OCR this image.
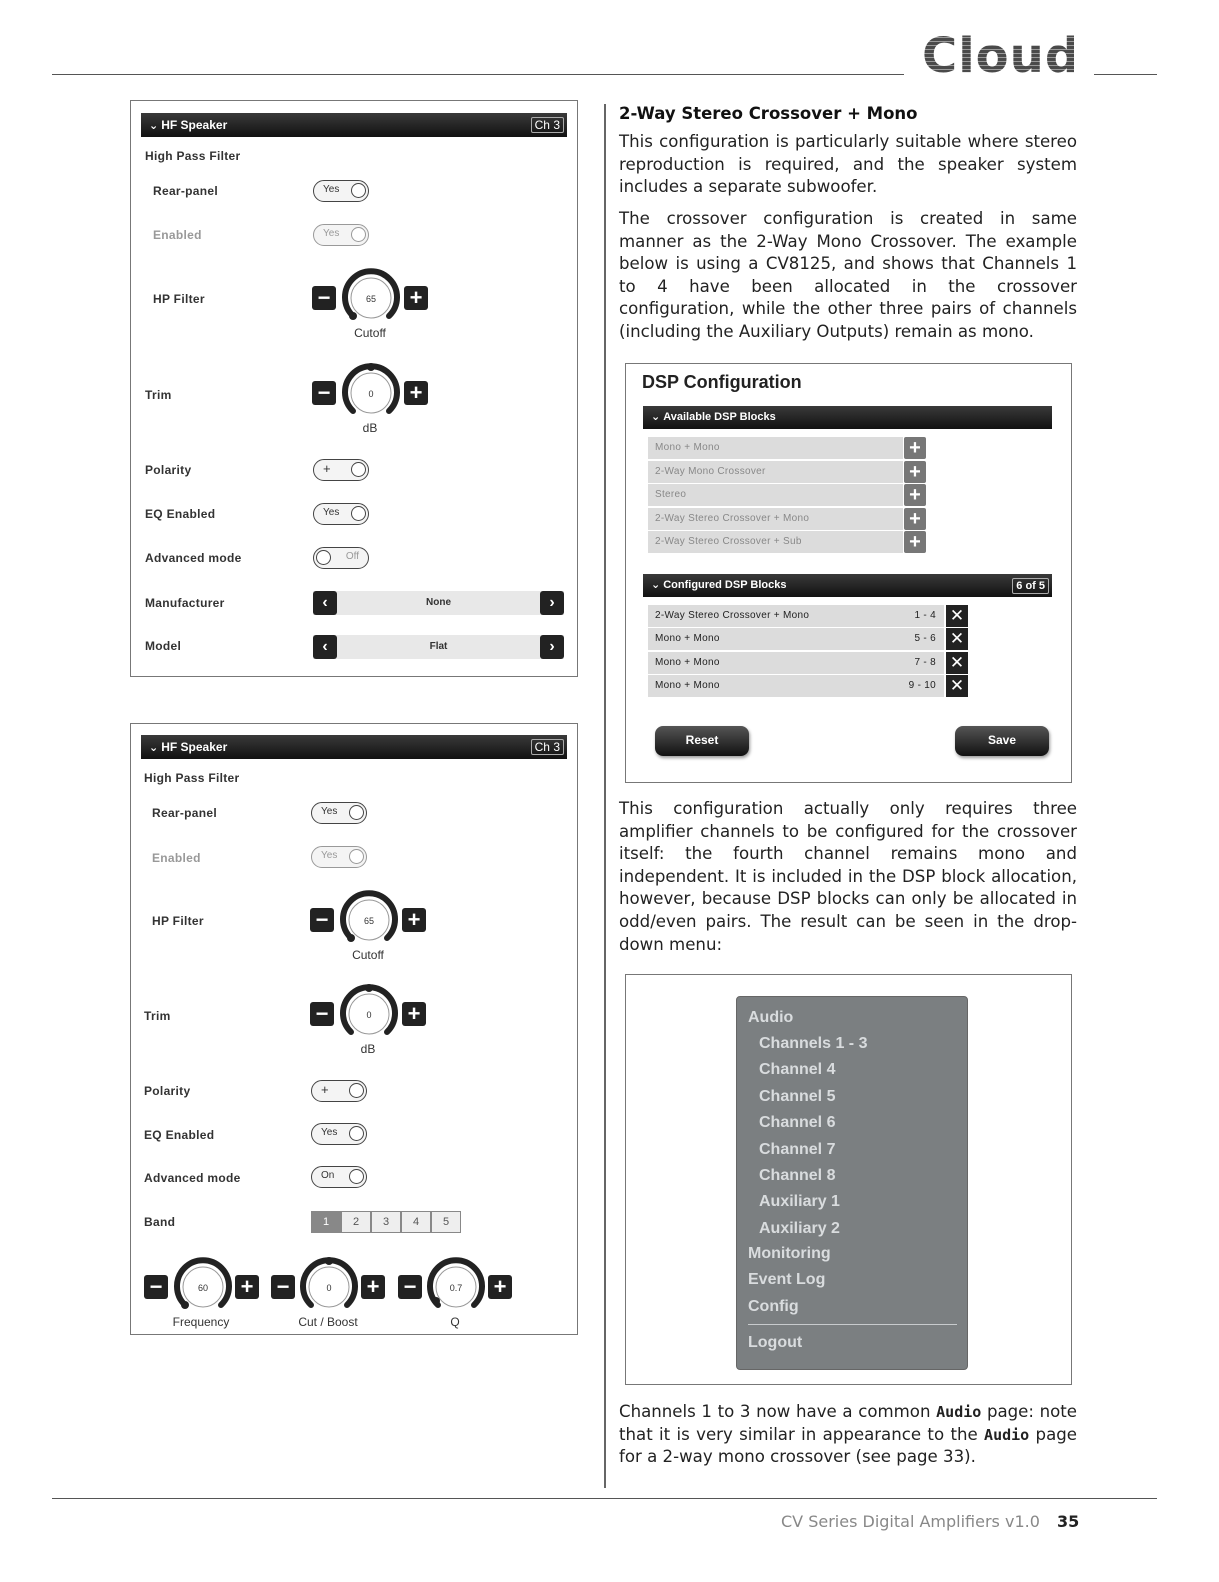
Cloud
⌄ HF Speaker	Ch 3
High Pass Filter
Rear-panel	Yes
Enabled	Yes
HP Filter	−	65 +
Cutoff
Trim	−	0 +
dB
Polarity	+
EQ Enabled	Yes
Advanced mode	Off
Manufacturer	‹	None	›
Model	‹	Flat	›
⌄ HF Speaker	Ch 3
High Pass Filter
Rear-panel	Yes
Enabled	Yes
HP Filter	−	65 +
Cutoff
Trim	−	0 +
dB
Polarity	+
EQ Enabled	Yes
Advanced mode	On
Band	1	2	3	4	5
−	60 +
Frequency
−	0 +
Cut / Boost
−	0.7 +
Q
2-Way Stereo Crossover + Mono
This configuration is particularly suitable where stereo reproduction is required, and the speaker system includes a separate subwoofer.
The crossover configuration is created in same manner as the 2-Way Mono Crossover. The example below is using a CV8125, and shows that Channels 1 to 4 have been allocated in the crossover configuration, while the other three pairs of channels (including the Auxiliary Outputs) remain as mono.
DSP Configuration
⌄ Available DSP Blocks
Mono + Mono	+
2-Way Mono Crossover	+
Stereo	+
2-Way Stereo Crossover + Mono	+
2-Way Stereo Crossover + Sub	+
⌄ Configured DSP Blocks	6 of 5
2-Way Stereo Crossover + Mono	1 - 4 ✕
Mono + Mono	5 - 6 ✕
Mono + Mono	7 - 8 ✕
Mono + Mono	9 - 10 ✕
Reset	Save
This configuration actually only requires three amplifier channels to be configured for the crossover itself: the fourth channel remains mono and independent. It is included in the DSP block allocation, however, because DSP blocks can only be allocated in odd/even pairs. The result can be seen in the drop-down menu:
Audio
Channels 1 - 3
Channel 4
Channel 5
Channel 6
Channel 7
Channel 8
Auxiliary 1
Auxiliary 2
Monitoring
Event Log
Config
Logout
Channels 1 to 3 now have a common Audio page: note that it is very similar in appearance to the Audio page for a 2-way mono crossover (see page 33).
CV Series Digital Amplifiers v1.0 35
